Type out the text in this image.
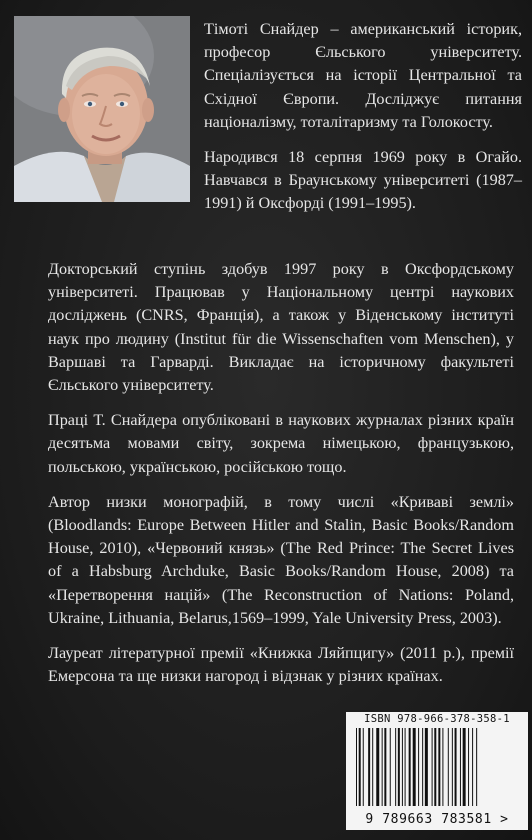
Тімоті Снайдер – американський історик, професор Єльського університету. Спеціалізується на історії Центральної та Східної Європи. Досліджує питання націоналізму, тоталітаризму та Голокосту.

Народився 18 серпня 1969 року в Огайо. Навчався в Браунському університеті (1987–1991) й Оксфорді (1991–1995).

Докторський ступінь здобув 1997 року в Оксфордському університеті. Працював у Національному центрі наукових досліджень (CNRS, Франція), а також у Віденському інституті наук про людину (Institut für die Wissenschaften vom Menschen), у Варшаві та Гарварді. Викладає на історичному факультеті Єльського університету.

Праці Т. Снайдера опубліковані в наукових журналах різних країн десятьма мовами світу, зокрема німецькою, французькою, польською, українською, російською тощо.

Автор низки монографій, в тому числі «Криваві землі» (Bloodlands: Europe Between Hitler and Stalin, Basic Books/Random House, 2010), «Червоний князь» (The Red Prince: The Secret Lives of a Habsburg Archduke, Basic Books/Random House, 2008) та «Перетворення націй» (The Reconstruction of Nations: Poland, Ukraine, Lithuania, Belarus,1569–1999, Yale University Press, 2003).

Лауреат літературної премії «Книжка Ляйпцигу» (2011 р.), премії Емерсона та ще низки нагород і відзнак у різних країнах.

ISBN 978-966-378-358-1
9 789663 783581 >
